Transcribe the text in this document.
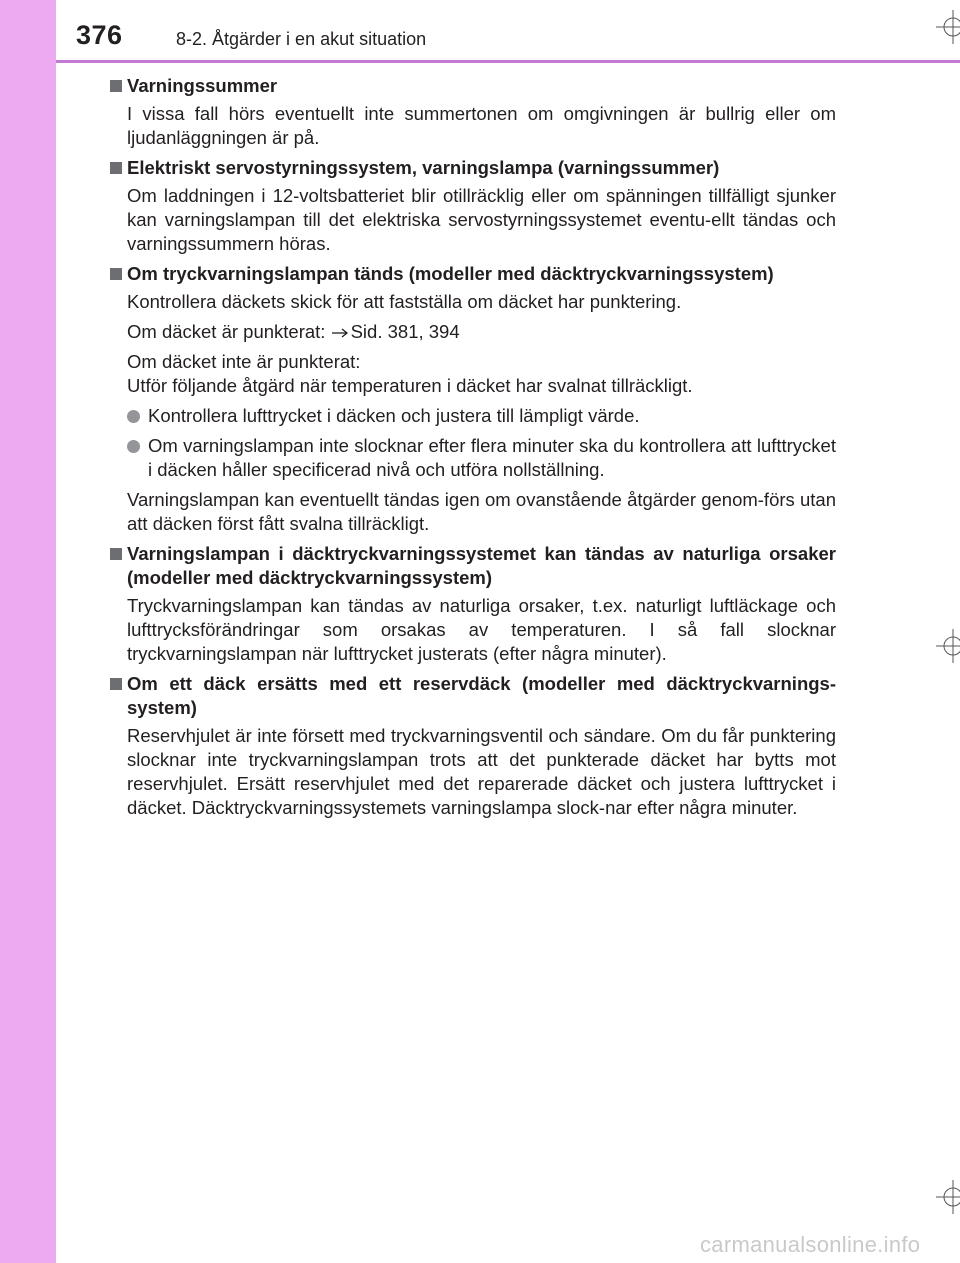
376	8-2. Åtgärder i en akut situation
Varningssummer
I vissa fall hörs eventuellt inte summertonen om omgivningen är bullrig eller om ljudanläggningen är på.
Elektriskt servostyrningssystem, varningslampa (varningssummer)
Om laddningen i 12-voltsbatteriet blir otillräcklig eller om spänningen tillfälligt sjunker kan varningslampan till det elektriska servostyrningssystemet eventu-ellt tändas och varningssummern höras.
Om tryckvarningslampan tänds (modeller med däcktryckvarningssystem)
Kontrollera däckets skick för att fastställa om däcket har punktering.
Om däcket är punkterat: Sid. 381, 394
Om däcket inte är punkterat:
Utför följande åtgärd när temperaturen i däcket har svalnat tillräckligt.
Kontrollera lufttrycket i däcken och justera till lämpligt värde.
Om varningslampan inte slocknar efter flera minuter ska du kontrollera att lufttrycket i däcken håller specificerad nivå och utföra nollställning.
Varningslampan kan eventuellt tändas igen om ovanstående åtgärder genom-förs utan att däcken först fått svalna tillräckligt.
Varningslampan i däcktryckvarningssystemet kan tändas av naturliga orsaker (modeller med däcktryckvarningssystem)
Tryckvarningslampan kan tändas av naturliga orsaker, t.ex. naturligt luftläckage och lufttrycksförändringar som orsakas av temperaturen. I så fall slocknar tryckvarningslampan när lufttrycket justerats (efter några minuter).
Om ett däck ersätts med ett reservdäck (modeller med däcktryckvarnings-system)
Reservhjulet är inte försett med tryckvarningsventil och sändare. Om du får punktering slocknar inte tryckvarningslampan trots att det punkterade däcket har bytts mot reservhjulet. Ersätt reservhjulet med det reparerade däcket och justera lufttrycket i däcket. Däcktryckvarningssystemets varningslampa slock-nar efter några minuter.
carmanualsonline.info
